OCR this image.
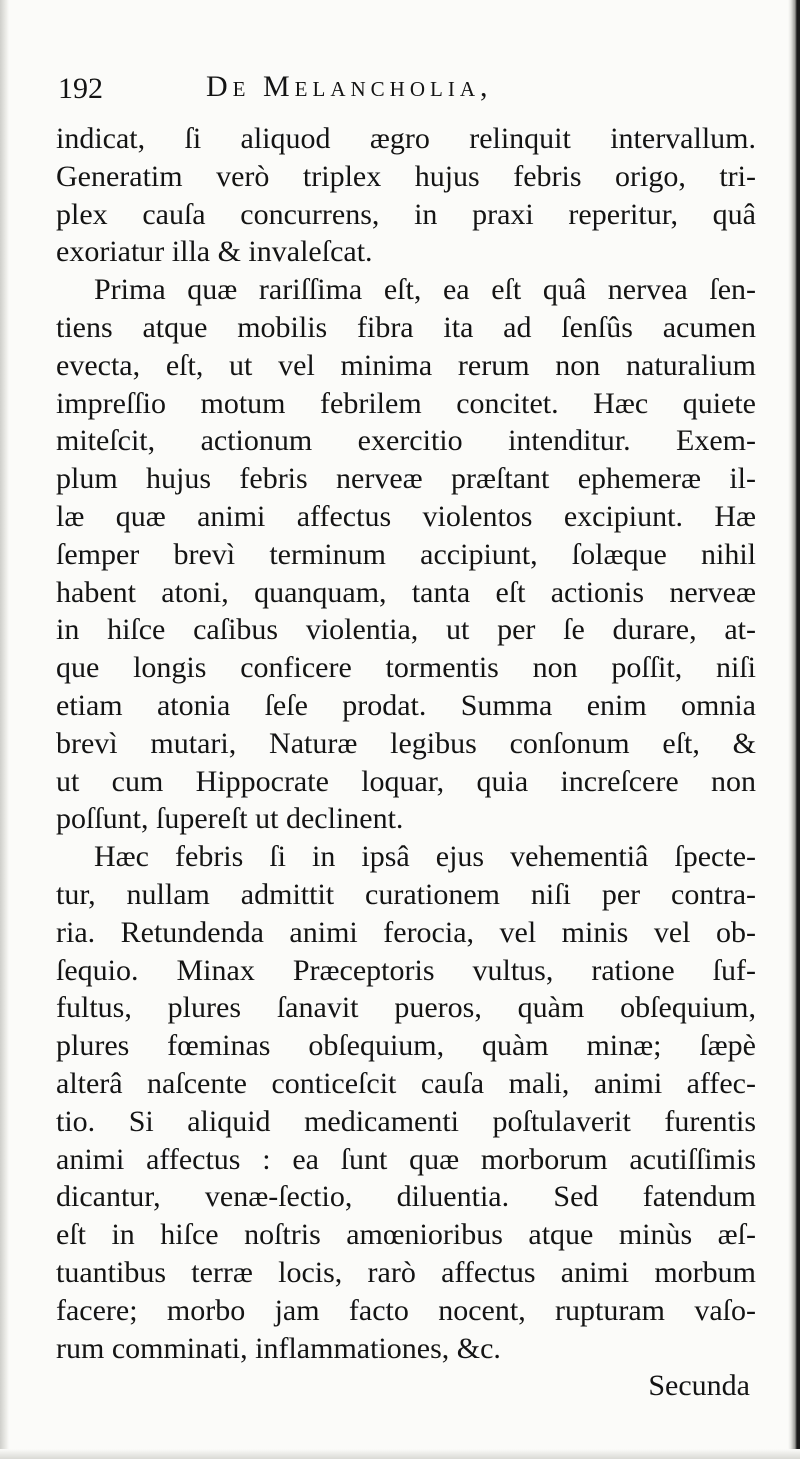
192	De Melancholia,
indicat, ſi aliquod ægro relinquit intervallum.
Generatim verò triplex hujus febris origo, tri-
plex cauſa concurrens, in praxi reperitur, quâ
exoriatur illa & invaleſcat.
Prima quæ rariſſima eſt, ea eſt quâ nervea ſen-
tiens atque mobilis fibra ita ad ſenſûs acumen
evecta, eſt, ut vel minima rerum non naturalium
impreſſio motum febrilem concitet. Hæc quiete
miteſcit, actionum exercitio intenditur. Exem-
plum hujus febris nerveæ præſtant ephemeræ il-
læ quæ animi affectus violentos excipiunt. Hæ
ſemper brevì terminum accipiunt, ſolæque nihil
habent atoni, quanquam, tanta eſt actionis nerveæ
in hiſce caſibus violentia, ut per ſe durare, at-
que longis conficere tormentis non poſſit, niſi
etiam atonia ſeſe prodat. Summa enim omnia
brevì mutari, Naturæ legibus conſonum eſt, &
ut cum Hippocrate loquar, quia increſcere non
poſſunt, ſupereſt ut declinent.
Hæc febris ſi in ipsâ ejus vehementiâ ſpecte-
tur, nullam admittit curationem niſi per contra-
ria. Retundenda animi ferocia, vel minis vel ob-
ſequio. Minax Præceptoris vultus, ratione ſuf-
fultus, plures ſanavit pueros, quàm obſequium,
plures fœminas obſequium, quàm minæ; ſæpè
alterâ naſcente conticeſcit cauſa mali, animi affec-
tio. Si aliquid medicamenti poſtulaverit furentis
animi affectus : ea ſunt quæ morborum acutiſſimis
dicantur, venæ-ſectio, diluentia. Sed fatendum
eſt in hiſce noſtris amœnioribus atque minùs æſ-
tuantibus terræ locis, rarò affectus animi morbum
facere; morbo jam facto nocent, rupturam vaſo-
rum comminati, inflammationes, &c.
Secunda
